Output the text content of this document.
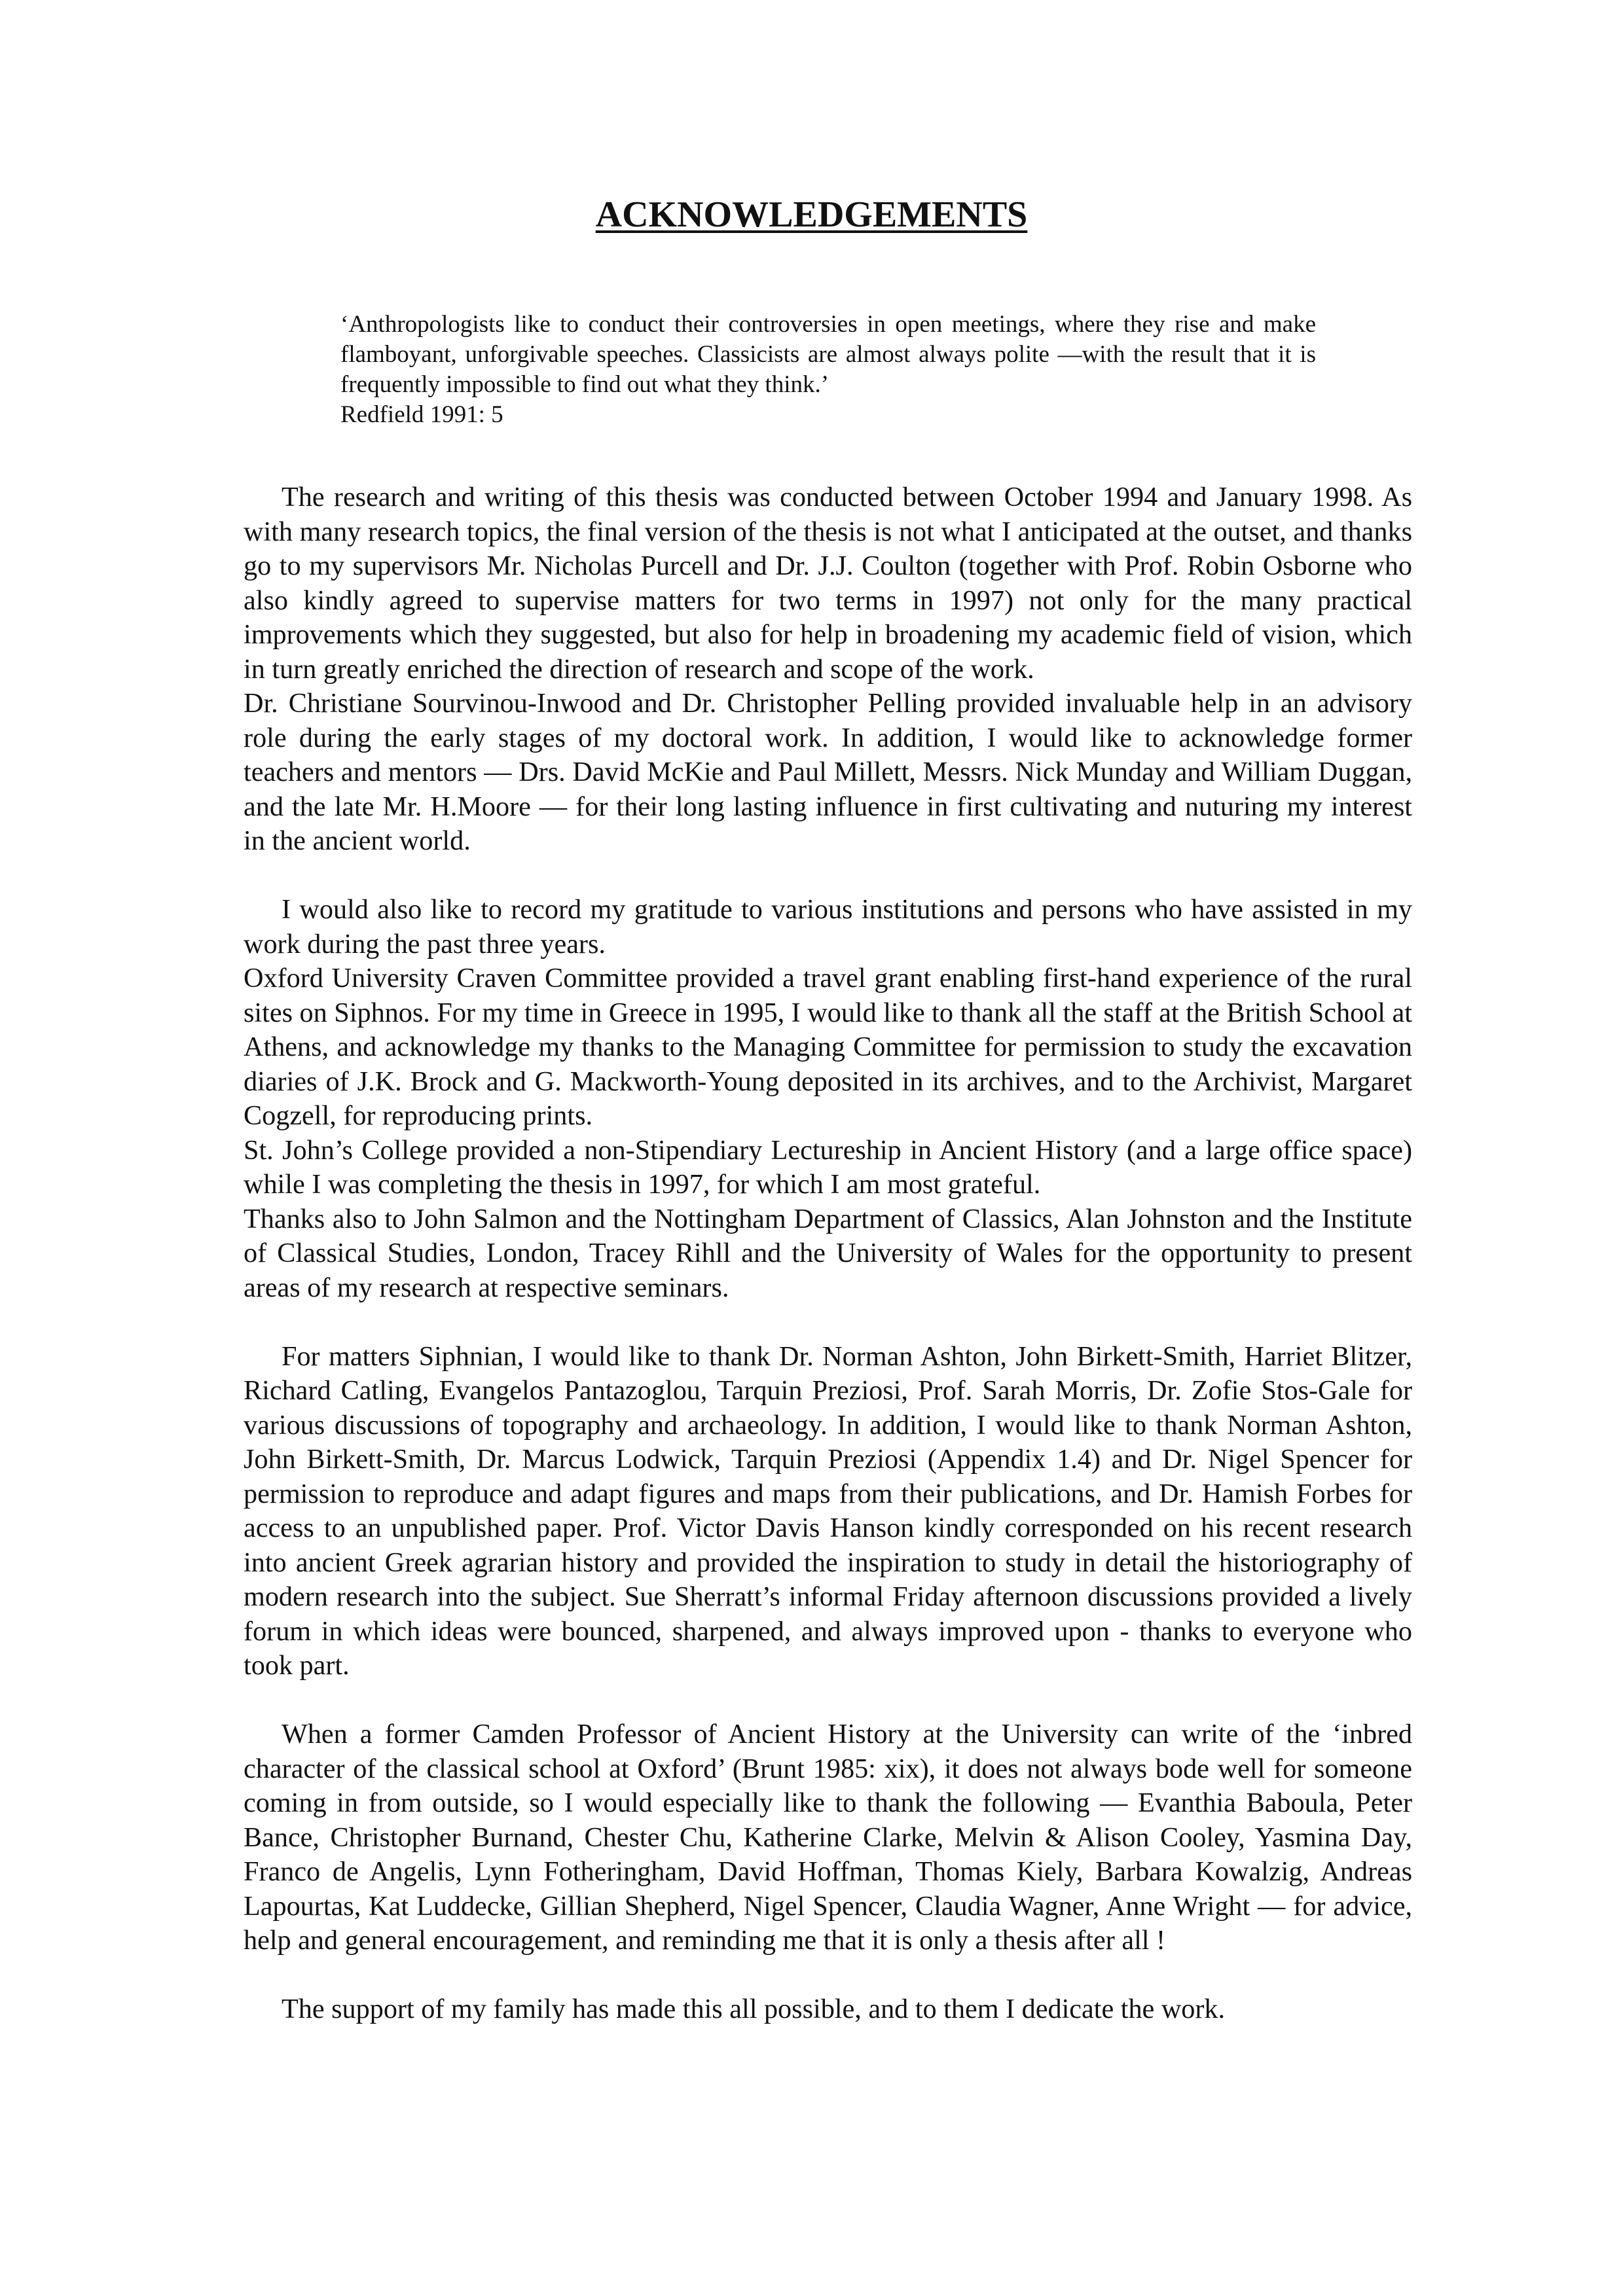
ACKNOWLEDGEMENTS

‘Anthropologists like to conduct their controversies in open meetings, where they rise and make flamboyant, unforgivable speeches. Classicists are almost always polite —with the result that it is frequently impossible to find out what they think.’

Redfield 1991: 5

The research and writing of this thesis was conducted between October 1994 and January 1998. As with many research topics, the final version of the thesis is not what I anticipated at the outset, and thanks go to my supervisors Mr. Nicholas Purcell and Dr. J.J. Coulton (together with Prof. Robin Osborne who also kindly agreed to supervise matters for two terms in 1997) not only for the many practical improvements which they suggested, but also for help in broadening my academic field of vision, which in turn greatly enriched the direction of research and scope of the work.

Dr. Christiane Sourvinou-Inwood and Dr. Christopher Pelling provided invaluable help in an advisory role during the early stages of my doctoral work. In addition, I would like to acknowledge former teachers and mentors — Drs. David McKie and Paul Millett, Messrs. Nick Munday and William Duggan, and the late Mr. H.Moore — for their long lasting influence in first cultivating and nuturing my interest in the ancient world.

I would also like to record my gratitude to various institutions and persons who have assisted in my work during the past three years.

Oxford University Craven Committee provided a travel grant enabling first-hand experience of the rural sites on Siphnos. For my time in Greece in 1995, I would like to thank all the staff at the British School at Athens, and acknowledge my thanks to the Managing Committee for permission to study the excavation diaries of J.K. Brock and G. Mackworth-Young deposited in its archives, and to the Archivist, Margaret Cogzell, for reproducing prints.

St. John’s College provided a non-Stipendiary Lectureship in Ancient History (and a large office space) while I was completing the thesis in 1997, for which I am most grateful.

Thanks also to John Salmon and the Nottingham Department of Classics, Alan Johnston and the Institute of Classical Studies, London, Tracey Rihll and the University of Wales for the opportunity to present areas of my research at respective seminars.

For matters Siphnian, I would like to thank Dr. Norman Ashton, John Birkett-Smith, Harriet Blitzer, Richard Catling, Evangelos Pantazoglou, Tarquin Preziosi, Prof. Sarah Morris, Dr. Zofie Stos-Gale for various discussions of topography and archaeology. In addition, I would like to thank Norman Ashton, John Birkett-Smith, Dr. Marcus Lodwick, Tarquin Preziosi (Appendix 1.4) and Dr. Nigel Spencer for permission to reproduce and adapt figures and maps from their publications, and Dr. Hamish Forbes for access to an unpublished paper. Prof. Victor Davis Hanson kindly corresponded on his recent research into ancient Greek agrarian history and provided the inspiration to study in detail the historiography of modern research into the subject. Sue Sherratt’s informal Friday afternoon discussions provided a lively forum in which ideas were bounced, sharpened, and always improved upon - thanks to everyone who took part.

When a former Camden Professor of Ancient History at the University can write of the ‘inbred character of the classical school at Oxford’ (Brunt 1985: xix), it does not always bode well for someone coming in from outside, so I would especially like to thank the following — Evanthia Baboula, Peter Bance, Christopher Burnand, Chester Chu, Katherine Clarke, Melvin & Alison Cooley, Yasmina Day, Franco de Angelis, Lynn Fotheringham, David Hoffman, Thomas Kiely, Barbara Kowalzig, Andreas Lapourtas, Kat Luddecke, Gillian Shepherd, Nigel Spencer, Claudia Wagner, Anne Wright — for advice, help and general encouragement, and reminding me that it is only a thesis after all !

The support of my family has made this all possible, and to them I dedicate the work.
